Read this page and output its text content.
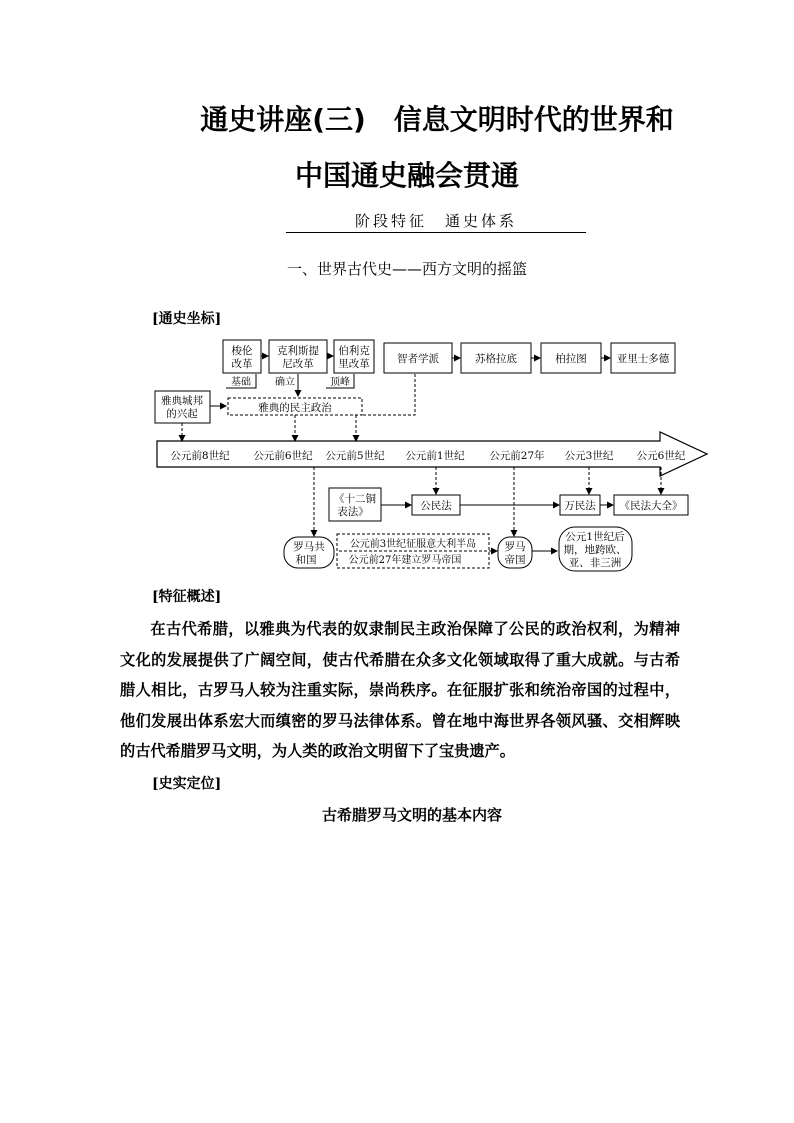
通史讲座(三)　信息文明时代的世界和
中国通史融会贯通
阶段特征　通史体系
一、世界古代史——西方文明的摇篮
[通史坐标]
梭伦
改革
克利斯提
尼改革
伯利克
里改革	智者学派	苏格拉底	柏拉图	亚里士多德
基础 确立	顶峰
雅典城邦
的兴起	雅典的民主政治
公元前8世纪 公元前6世纪 公元前5世纪 公元前1世纪 公元前27年 公元3世纪 公元6世纪
《十二铜
表法》	公民法	万民法 《民法大全》
罗马共
和国
公元前3世纪征服意大利半岛
公元前27年建立罗马帝国
罗马
帝国
公元1世纪后
期，地跨欧、
亚、非三洲
[特征概述]

在古代希腊，以雅典为代表的奴隶制民主政治保障了公民的政治权利，为精神文化的发展提供了广阔空间，使古代希腊在众多文化领域取得了重大成就。与古希腊人相比，古罗马人较为注重实际，崇尚秩序。在征服扩张和统治帝国的过程中，他们发展出体系宏大而缜密的罗马法律体系。曾在地中海世界各领风骚、交相辉映的古代希腊罗马文明，为人类的政治文明留下了宝贵遗产。

[史实定位]
古希腊罗马文明的基本内容
